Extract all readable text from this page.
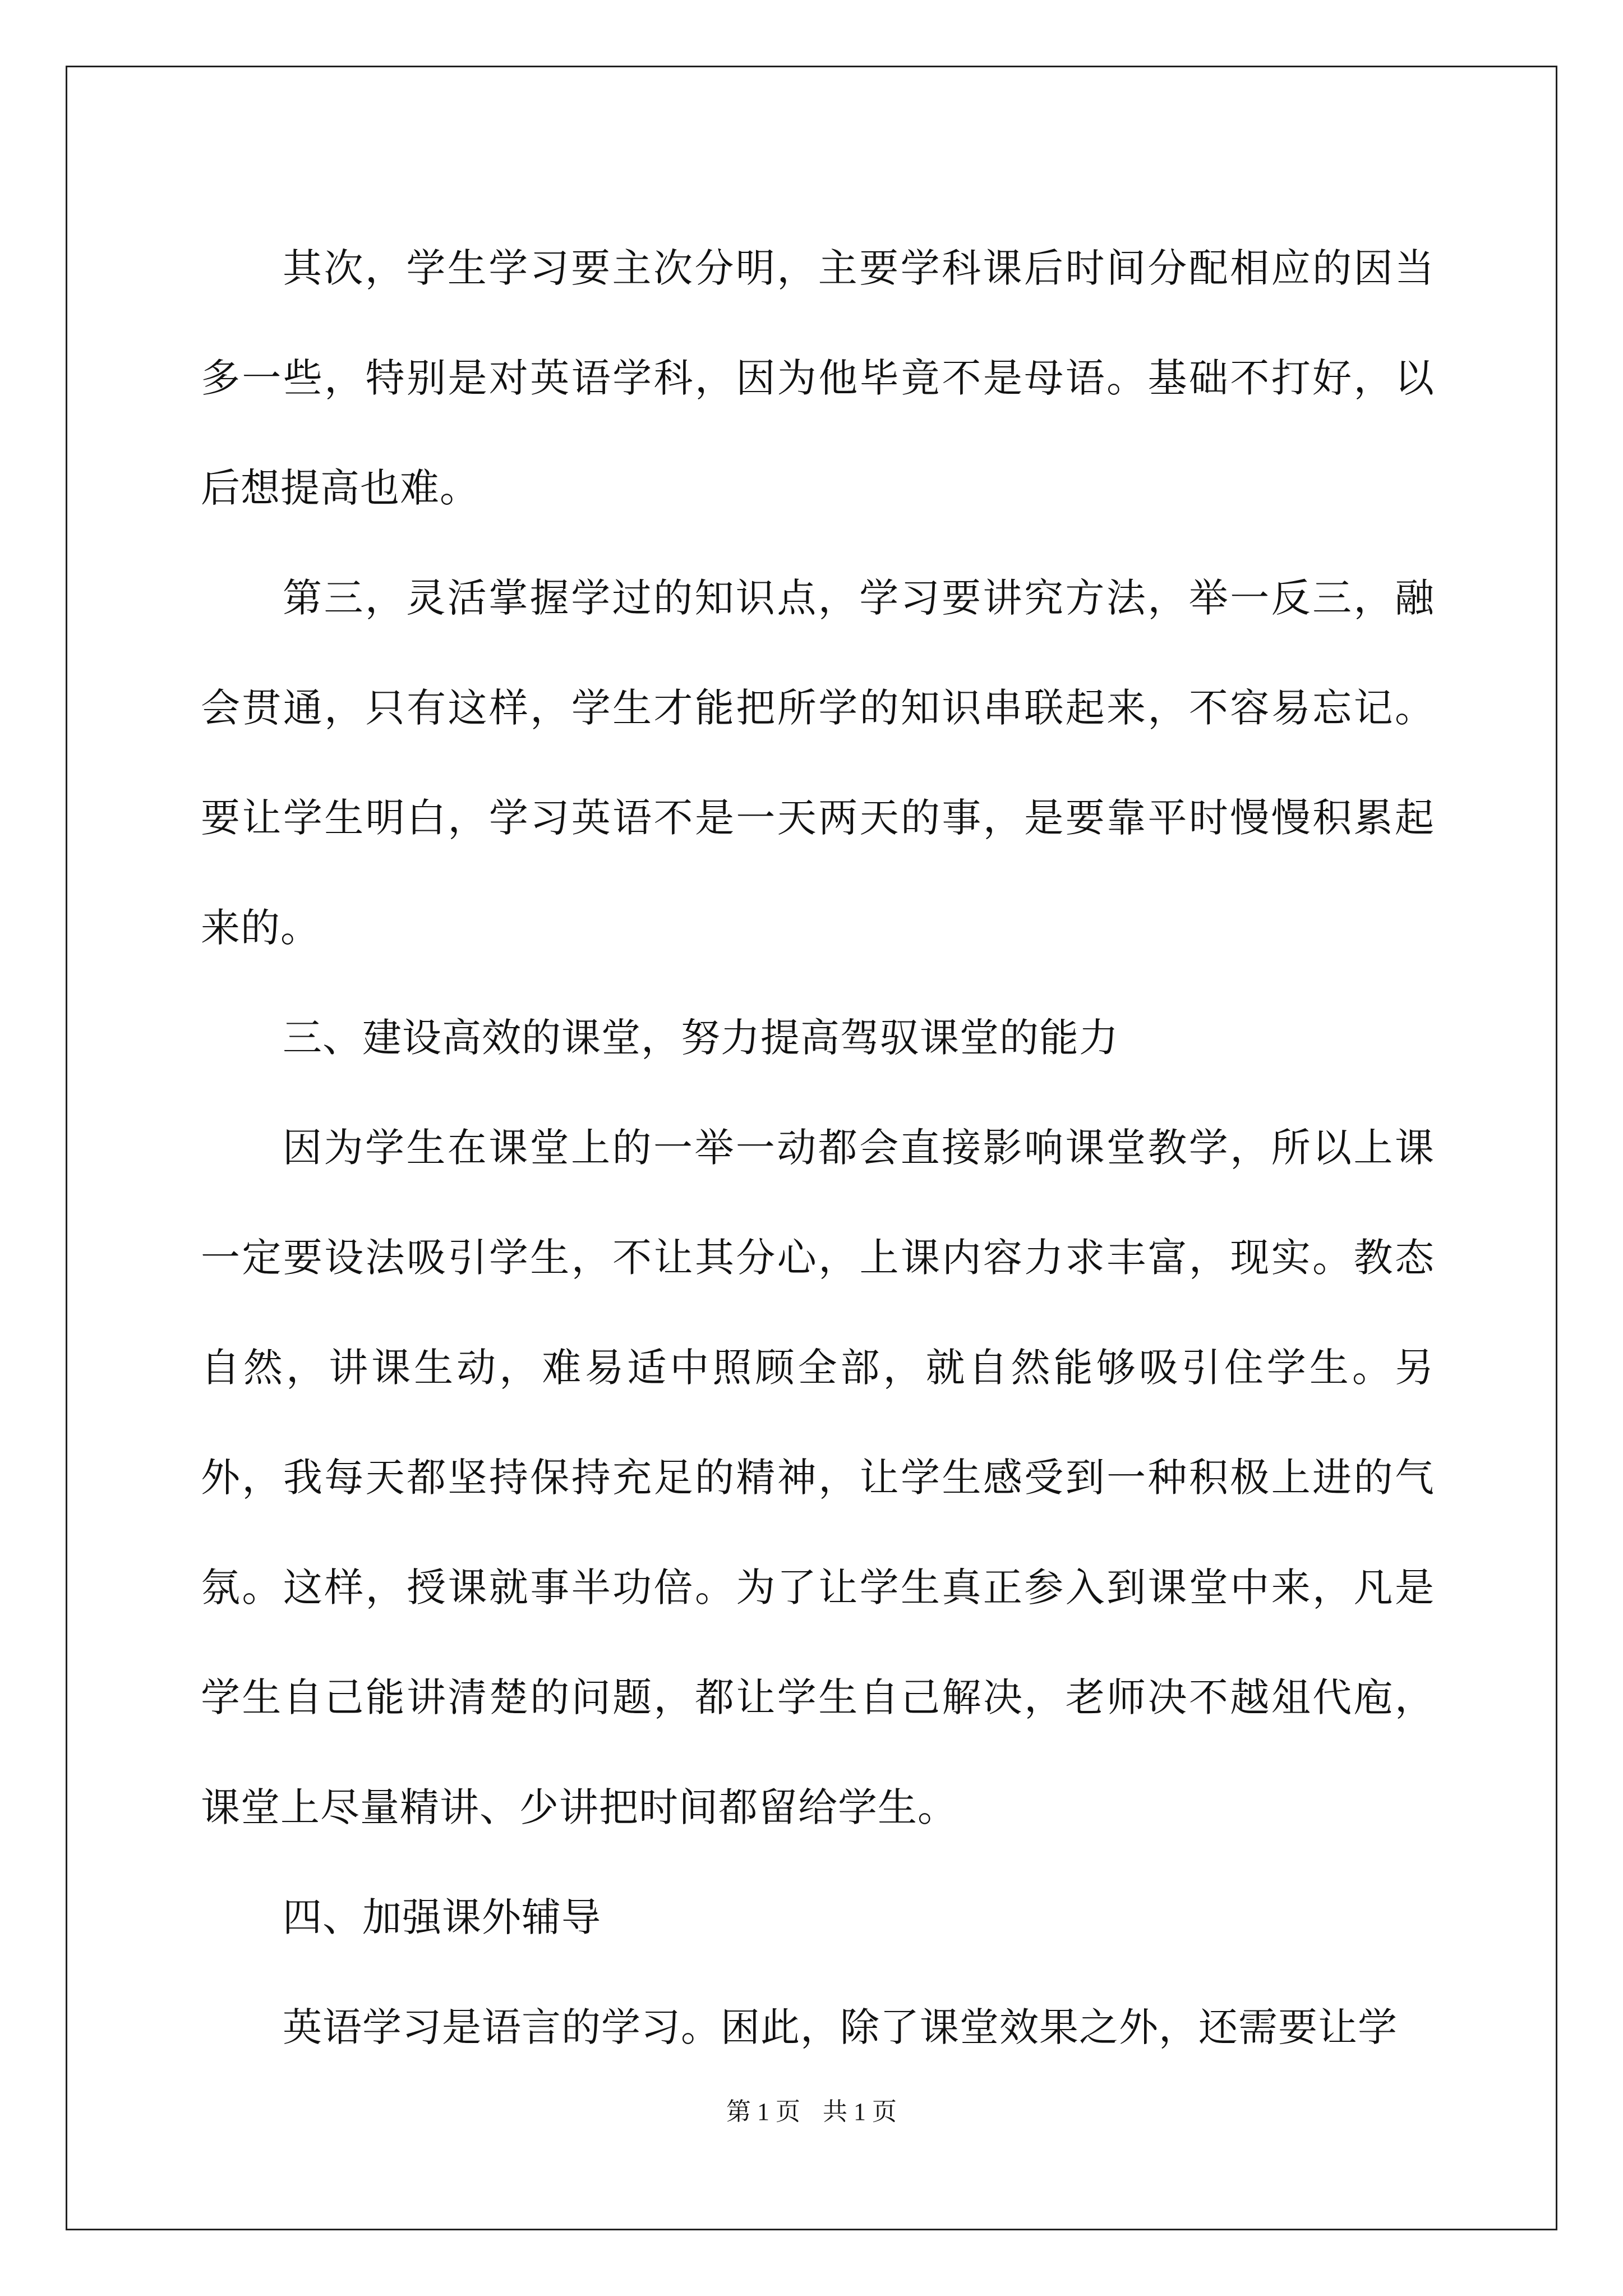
其次，学生学习要主次分明，主要学科课后时间分配相应的因当多一些，特别是对英语学科，因为他毕竟不是母语。基础不打好，以后想提高也难。

第三，灵活掌握学过的知识点，学习要讲究方法，举一反三，融会贯通，只有这样，学生才能把所学的知识串联起来，不容易忘记。要让学生明白，学习英语不是一天两天的事，是要靠平时慢慢积累起来的。

三、建设高效的课堂，努力提高驾驭课堂的能力

因为学生在课堂上的一举一动都会直接影响课堂教学，所以上课一定要设法吸引学生，不让其分心，上课内容力求丰富，现实。教态自然，讲课生动，难易适中照顾全部，就自然能够吸引住学生。另外，我每天都坚持保持充足的精神，让学生感受到一种积极上进的气氛。这样，授课就事半功倍。为了让学生真正参入到课堂中来，凡是学生自己能讲清楚的问题，都让学生自己解决，老师决不越俎代庖，课堂上尽量精讲、少讲把时间都留给学生。

四、加强课外辅导

英语学习是语言的学习。困此，除了课堂效果之外，还需要让学

第 1 页 共 1 页
